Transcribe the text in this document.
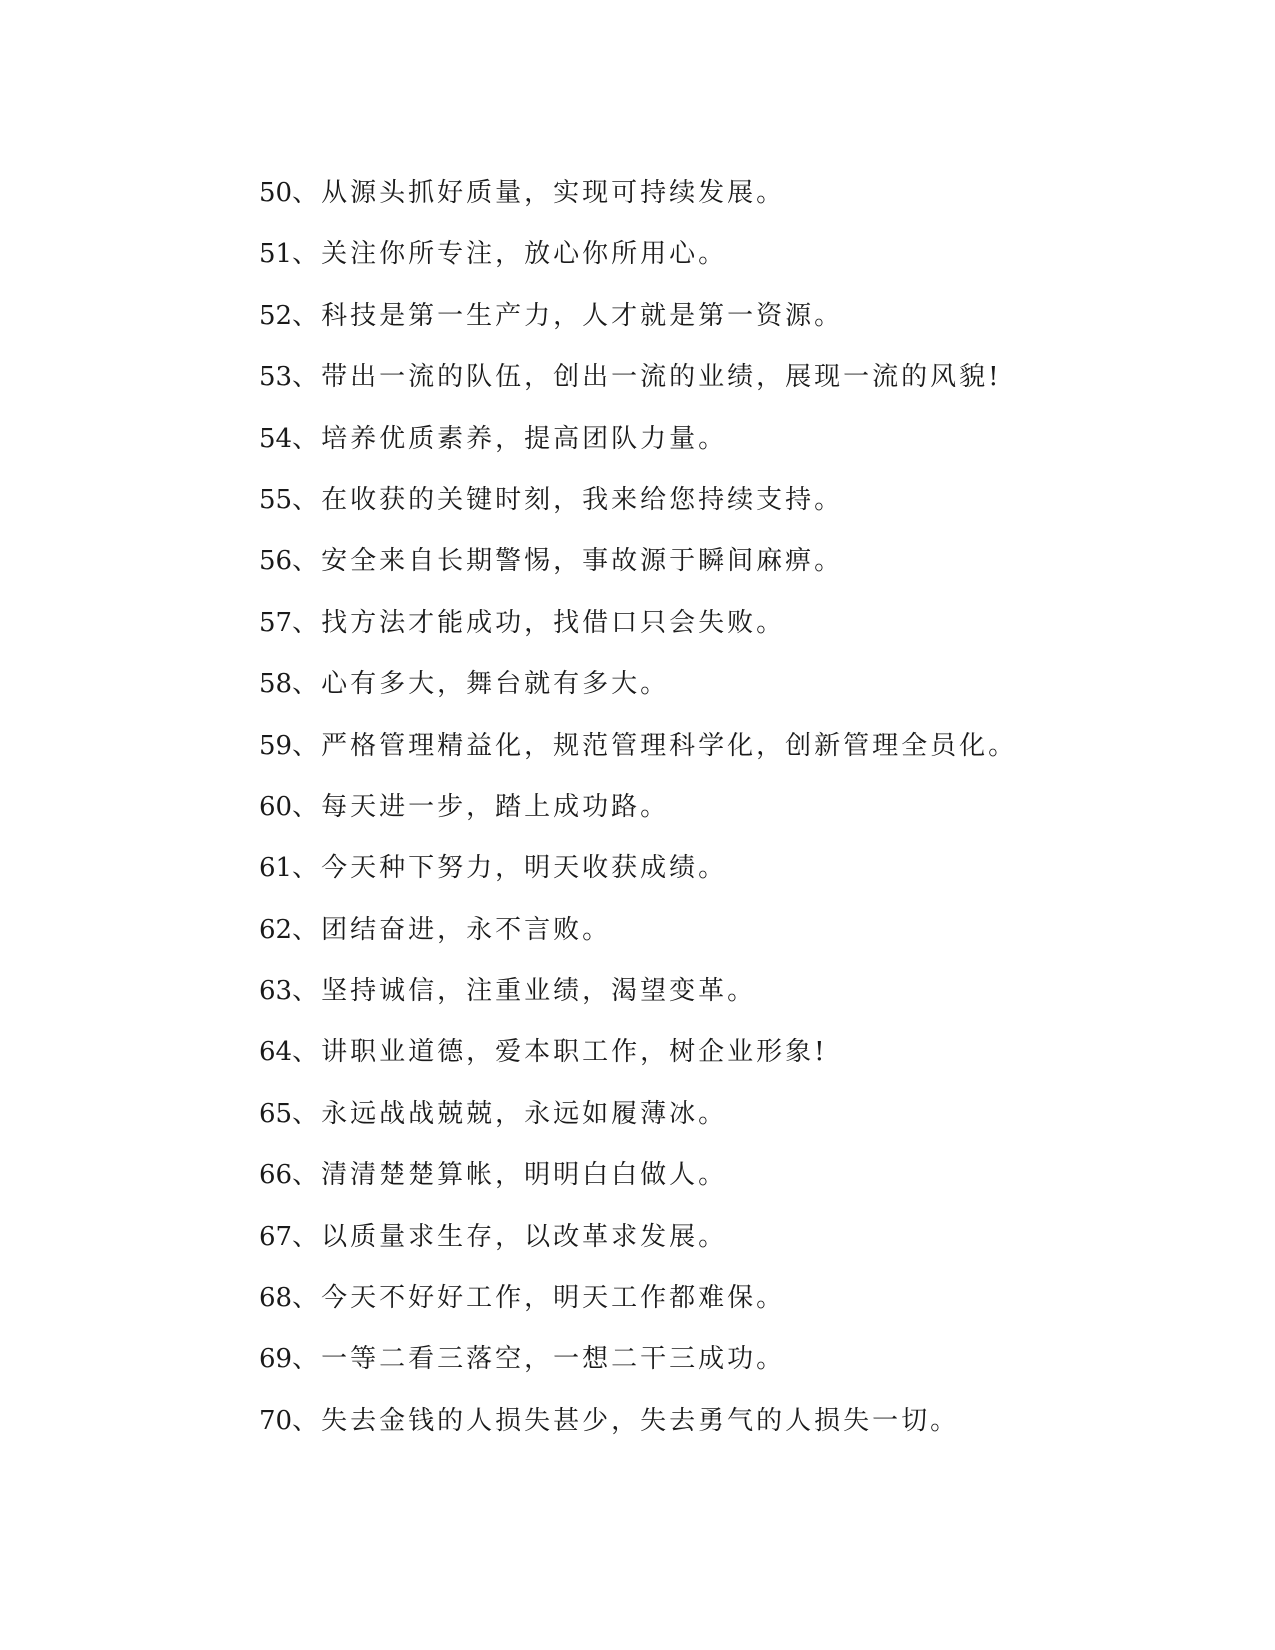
50、从源头抓好质量，实现可持续发展。
51、关注你所专注，放心你所用心。
52、科技是第一生产力，人才就是第一资源。
53、带出一流的队伍，创出一流的业绩，展现一流的风貌!
54、培养优质素养，提高团队力量。
55、在收获的关键时刻，我来给您持续支持。
56、安全来自长期警惕，事故源于瞬间麻痹。
57、找方法才能成功，找借口只会失败。
58、心有多大，舞台就有多大。
59、严格管理精益化，规范管理科学化，创新管理全员化。
60、每天进一步，踏上成功路。
61、今天种下努力，明天收获成绩。
62、团结奋进，永不言败。
63、坚持诚信，注重业绩，渴望变革。
64、讲职业道德，爱本职工作，树企业形象!
65、永远战战兢兢，永远如履薄冰。
66、清清楚楚算帐，明明白白做人。
67、以质量求生存，以改革求发展。
68、今天不好好工作，明天工作都难保。
69、一等二看三落空，一想二干三成功。
70、失去金钱的人损失甚少，失去勇气的人损失一切。
